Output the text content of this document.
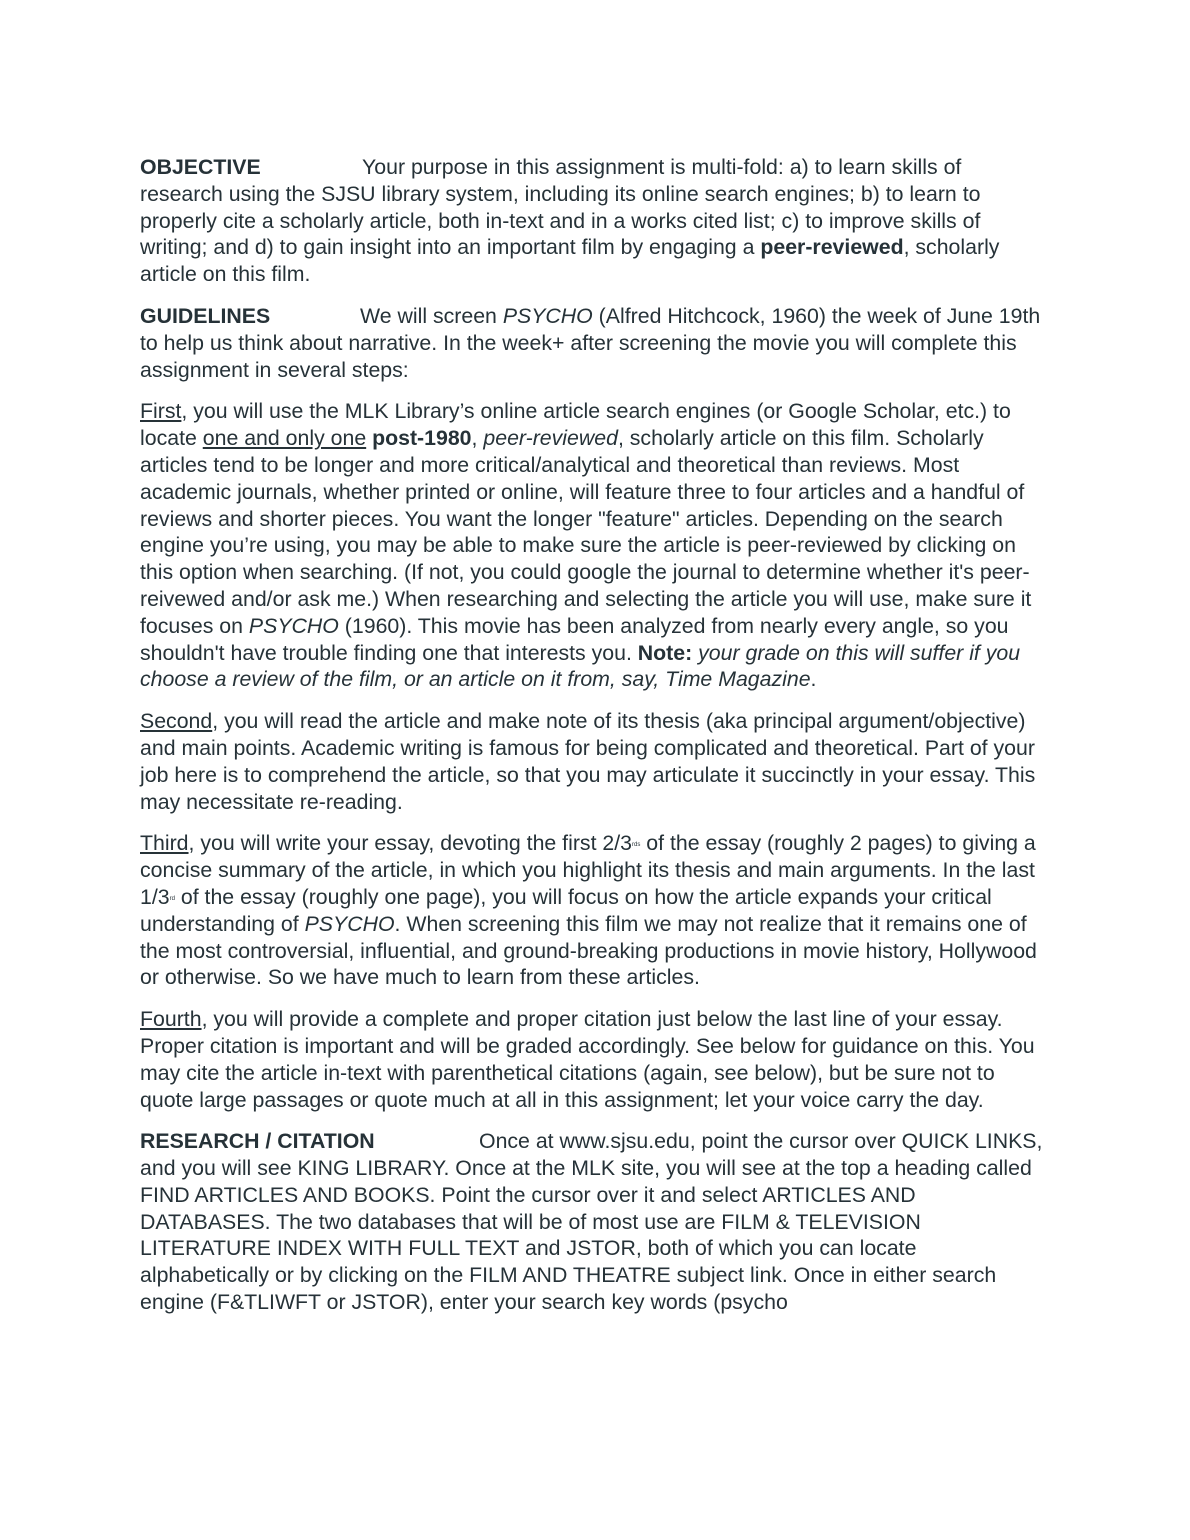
OBJECTIVE	Your purpose in this assignment is multi-fold: a) to learn skills of research using the SJSU library system, including its online search engines; b) to learn to properly cite a scholarly article, both in-text and in a works cited list; c) to improve skills of writing; and d) to gain insight into an important film by engaging a peer-reviewed, scholarly article on this film.

GUIDELINES	We will screen PSYCHO (Alfred Hitchcock, 1960) the week of June 19th to help us think about narrative. In the week+ after screening the movie you will complete this assignment in several steps:

First, you will use the MLK Library’s online article search engines (or Google Scholar, etc.) to locate one and only one post-1980, peer-reviewed, scholarly article on this film. Scholarly articles tend to be longer and more critical/analytical and theoretical than reviews. Most academic journals, whether printed or online, will feature three to four articles and a handful of reviews and shorter pieces. You want the longer "feature" articles. Depending on the search engine you’re using, you may be able to make sure the article is peer-reviewed by clicking on this option when searching. (If not, you could google the journal to determine whether it's peer-reivewed and/or ask me.) When researching and selecting the article you will use, make sure it focuses on PSYCHO (1960). This movie has been analyzed from nearly every angle, so you shouldn't have trouble finding one that interests you. Note: your grade on this will suffer if you choose a review of the film, or an article on it from, say, Time Magazine.

Second, you will read the article and make note of its thesis (aka principal argument/objective) and main points. Academic writing is famous for being complicated and theoretical. Part of your job here is to comprehend the article, so that you may articulate it succinctly in your essay. This may necessitate re-reading.

Third, you will write your essay, devoting the first $2/3^{rds}$ of the essay (roughly 2 pages) to giving a concise summary of the article, in which you highlight its thesis and main arguments. In the last 1/3rd of the essay (roughly one page), you will focus on how the article expands your critical understanding of PSYCHO. When screening this film we may not realize that it remains one of the most controversial, influential, and ground-breaking productions in movie history, Hollywood or otherwise. So we have much to learn from these articles.

Fourth, you will provide a complete and proper citation just below the last line of your essay. Proper citation is important and will be graded accordingly. See below for guidance on this. You may cite the article in-text with parenthetical citations (again, see below), but be sure not to quote large passages or quote much at all in this assignment; let your voice carry the day.

RESEARCH / CITATION	Once at www.sjsu.edu, point the cursor over QUICK LINKS, and you will see KING LIBRARY. Once at the MLK site, you will see at the top a heading called FIND ARTICLES AND BOOKS. Point the cursor over it and select ARTICLES AND DATABASES. The two databases that will be of most use are FILM & TELEVISION LITERATURE INDEX WITH FULL TEXT and JSTOR, both of which you can locate alphabetically or by clicking on the FILM AND THEATRE subject link. Once in either search engine (F&TLIWFT or JSTOR), enter your search key words (psycho
